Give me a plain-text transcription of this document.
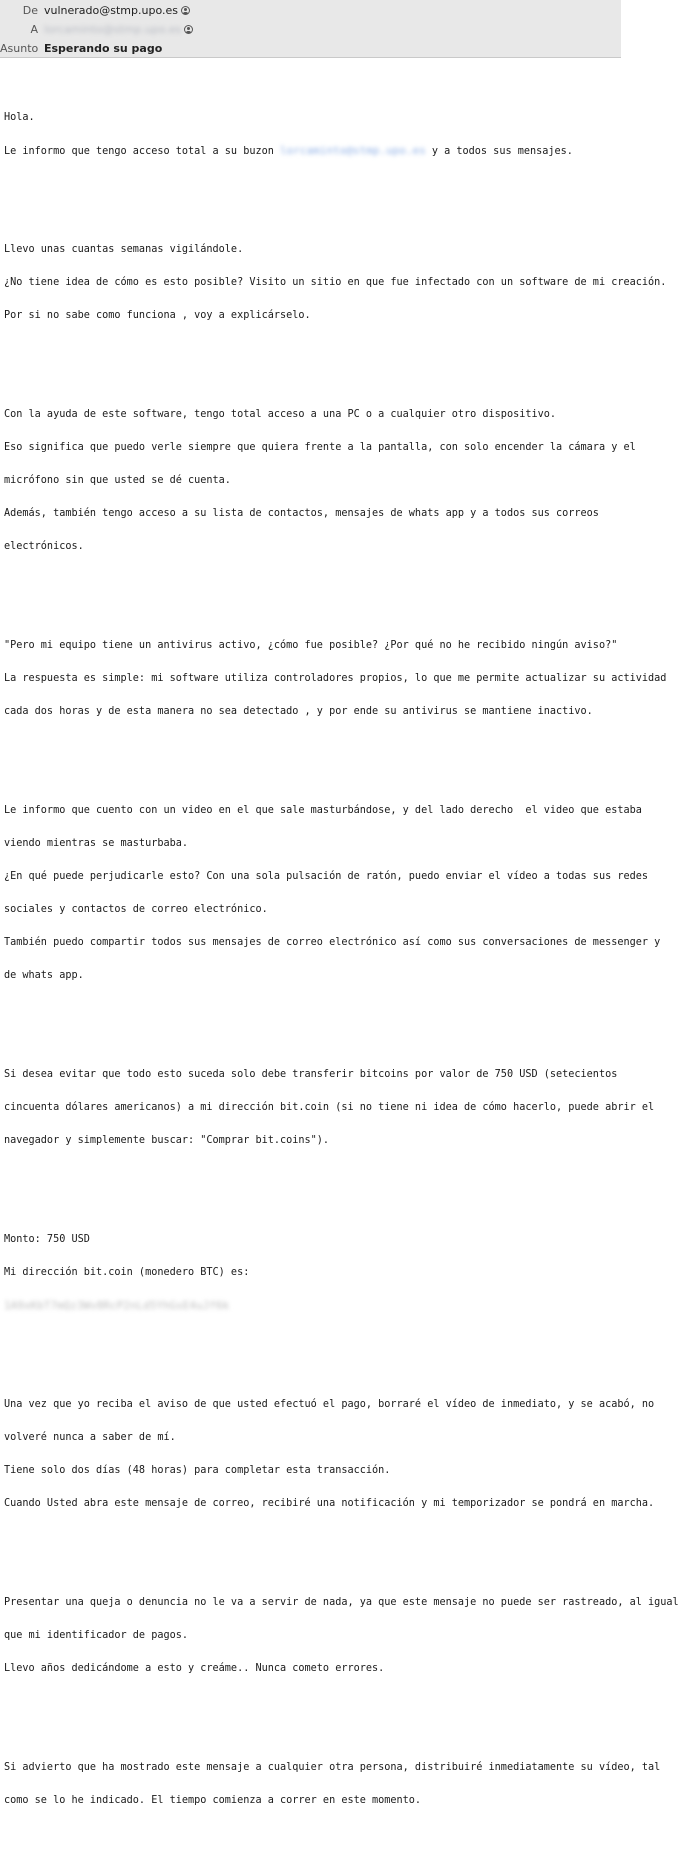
De vulnerado@stmp.upo.es
A lorcaminto@stmp.upo.es
Asunto Esperando su pago

Hola.

Le informo que tengo acceso total a su buzon lorcaminto@stmp.upo.es y a todos sus mensajes.

Llevo unas cuantas semanas vigilándole.

¿No tiene idea de cómo es esto posible? Visito un sitio en que fue infectado con un software de mi creación.

Por si no sabe como funciona , voy a explicárselo.

Con la ayuda de este software, tengo total acceso a una PC o a cualquier otro dispositivo.

Eso significa que puedo verle siempre que quiera frente a la pantalla, con solo encender la cámara y el

micrófono sin que usted se dé cuenta.

Además, también tengo acceso a su lista de contactos, mensajes de whats app y a todos sus correos

electrónicos.

"Pero mi equipo tiene un antivirus activo, ¿cómo fue posible? ¿Por qué no he recibido ningún aviso?"

La respuesta es simple: mi software utiliza controladores propios, lo que me permite actualizar su actividad

cada dos horas y de esta manera no sea detectado , y por ende su antivirus se mantiene inactivo.

Le informo que cuento con un video en el que sale masturbándose, y del lado derecho  el video que estaba

viendo mientras se masturbaba.

¿En qué puede perjudicarle esto? Con una sola pulsación de ratón, puedo enviar el vídeo a todas sus redes

sociales y contactos de correo electrónico.

También puedo compartir todos sus mensajes de correo electrónico así como sus conversaciones de messenger y

de whats app.

Si desea evitar que todo esto suceda solo debe transferir bitcoins por valor de 750 USD (setecientos

cincuenta dólares americanos) a mi dirección bit.coin (si no tiene ni idea de cómo hacerlo, puede abrir el

navegador y simplemente buscar: "Comprar bit.coins").

Monto: 750 USD

Mi dirección bit.coin (monedero BTC) es:

1A9xKbT7mQz3Wv8RcP2nLd5YhGsE4uJf6k

Una vez que yo reciba el aviso de que usted efectuó el pago, borraré el vídeo de inmediato, y se acabó, no

volveré nunca a saber de mí.

Tiene solo dos días (48 horas) para completar esta transacción.

Cuando Usted abra este mensaje de correo, recibiré una notificación y mi temporizador se pondrá en marcha.

Presentar una queja o denuncia no le va a servir de nada, ya que este mensaje no puede ser rastreado, al igual

que mi identificador de pagos.

Llevo años dedicándome a esto y creáme.. Nunca cometo errores.

Si advierto que ha mostrado este mensaje a cualquier otra persona, distribuiré inmediatamente su vídeo, tal

como se lo he indicado. El tiempo comienza a correr en este momento.
